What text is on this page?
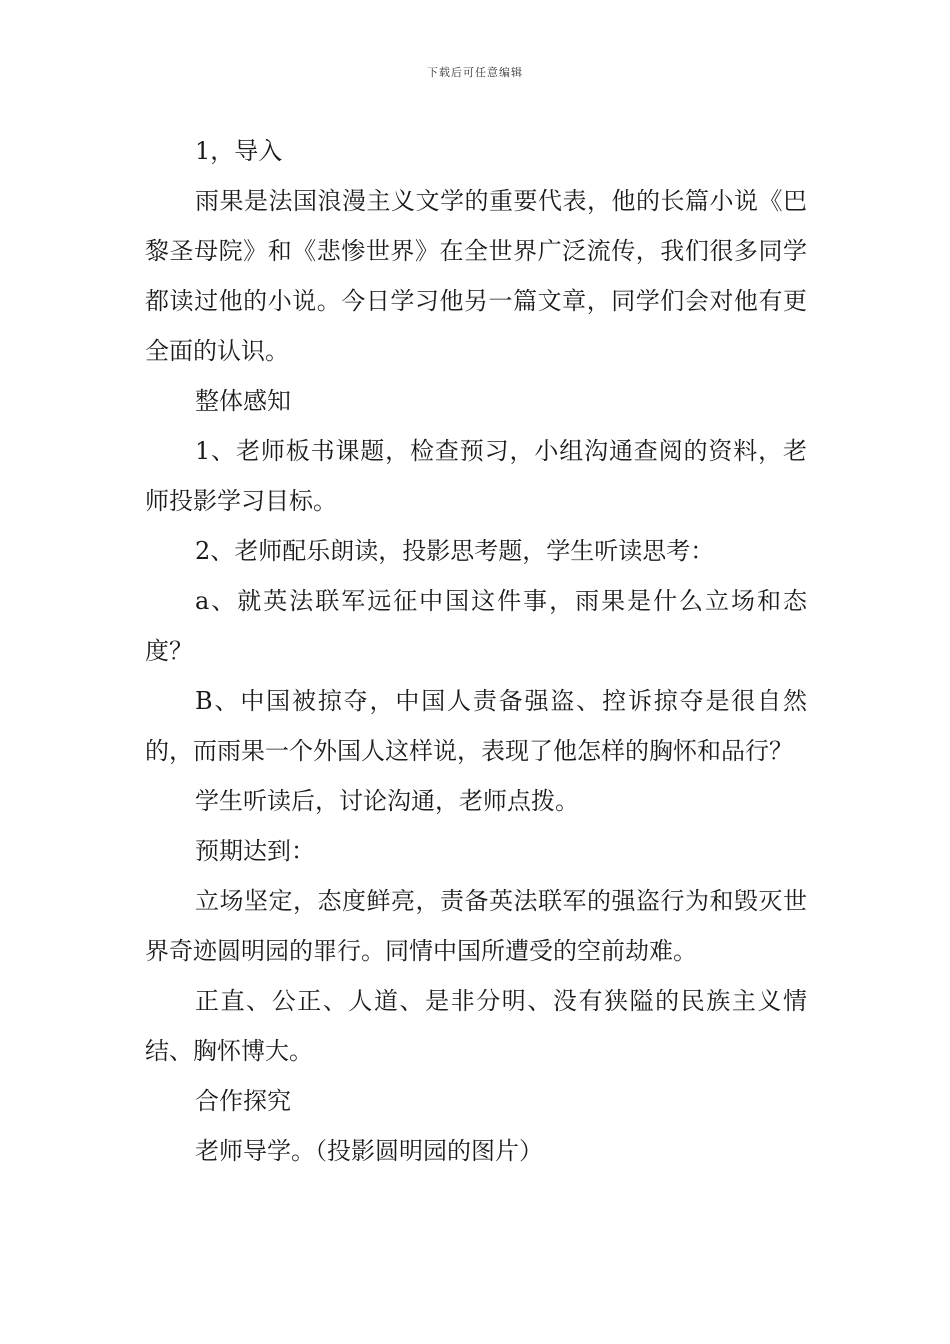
下载后可任意编辑

1，导入

雨果是法国浪漫主义文学的重要代表，他的长篇小说《巴黎圣母院》和《悲惨世界》在全世界广泛流传，我们很多同学都读过他的小说。今日学习他另一篇文章，同学们会对他有更全面的认识。

整体感知

1、老师板书课题，检查预习，小组沟通查阅的资料，老师投影学习目标。

2、老师配乐朗读，投影思考题，学生听读思考：

a、就英法联军远征中国这件事，雨果是什么立场和态度？

B、中国被掠夺，中国人责备强盗、控诉掠夺是很自然的，而雨果一个外国人这样说，表现了他怎样的胸怀和品行？

学生听读后，讨论沟通，老师点拨。

预期达到：

立场坚定，态度鲜亮，责备英法联军的强盗行为和毁灭世界奇迹圆明园的罪行。同情中国所遭受的空前劫难。

正直、公正、人道、是非分明、没有狭隘的民族主义情结、胸怀博大。

合作探究

老师导学。（投影圆明园的图片）
